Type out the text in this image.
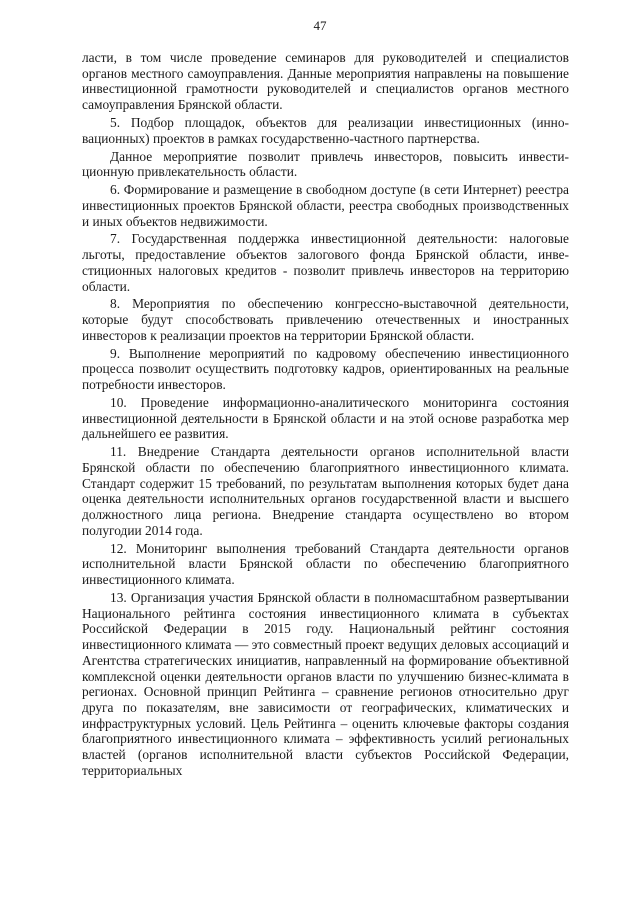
47

ласти, в том числе проведение семинаров для руководителей и специалистов органов местного самоуправления. Данные мероприятия направлены на повышение инвестиционной грамотности руководителей и специалистов органов местного самоуправления Брянской области.

5. Подбор площадок, объектов для реализации инвестиционных (инновационных) проектов в рамках государственно-частного партнерства.

Данное мероприятие позволит привлечь инвесторов, повысить инвестиционную привлекательность области.

6. Формирование и размещение в свободном доступе (в сети Интернет) реестра инвестиционных проектов Брянской области, реестра свободных производственных и иных объектов недвижимости.

7. Государственная поддержка инвестиционной деятельности: налоговые льготы, предоставление объектов залогового фонда Брянской области, инвестиционных налоговых кредитов - позволит привлечь инвесторов на территорию области.

8. Мероприятия по обеспечению конгрессно-выставочной деятельности, которые будут способствовать привлечению отечественных и иностранных инвесторов к реализации проектов на территории Брянской области.

9. Выполнение мероприятий по кадровому обеспечению инвестиционного процесса позволит осуществить подготовку кадров, ориентированных на реальные потребности инвесторов.

10. Проведение информационно-аналитического мониторинга состояния инвестиционной деятельности в Брянской области и на этой основе разработка мер дальнейшего ее развития.

11. Внедрение Стандарта деятельности органов исполнительной власти Брянской области по обеспечению благоприятного инвестиционного климата. Стандарт содержит 15 требований, по результатам выполнения которых будет дана оценка деятельности исполнительных органов государственной власти и высшего должностного лица региона. Внедрение стандарта осуществлено во втором полугодии 2014 года.

12. Мониторинг выполнения требований Стандарта деятельности органов исполнительной власти Брянской области по обеспечению благоприятного инвестиционного климата.

13. Организация участия Брянской области в полномасштабном развертывании Национального рейтинга состояния инвестиционного климата в субъектах Российской Федерации в 2015 году. Национальный рейтинг состояния инвестиционного климата — это совместный проект ведущих деловых ассоциаций и Агентства стратегических инициатив, направленный на формирование объективной комплексной оценки деятельности органов власти по улучшению бизнес-климата в регионах. Основной принцип Рейтинга – сравнение регионов относительно друг друга по показателям, вне зависимости от географических, климатических и инфраструктурных условий. Цель Рейтинга – оценить ключевые факторы создания благоприятного инвестиционного климата – эффективность усилий региональных властей (органов исполнительной власти субъектов Российской Федерации, территориальных
